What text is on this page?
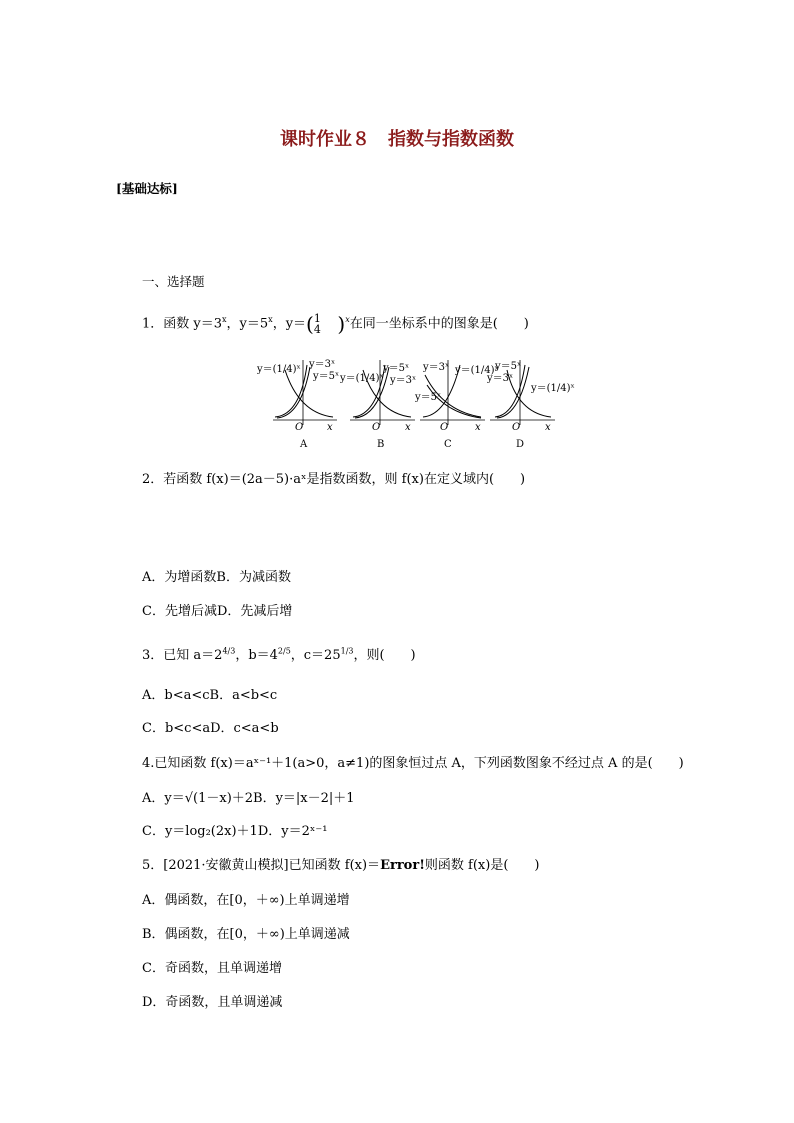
课时作业８　指数与指数函数
[基础达标]
一、选择题
1．函数 $y=3^x$，$y=5^x$，y＝( 1
4 )$^x$在同一坐标系中的图象是(　　)
y＝(1/4)ˣ y＝3ˣ
y＝5ˣ
O x
A
y＝(1/4)ˣ
y＝5ˣ
y＝3ˣ
O x
B
y＝3ˣ
y＝5ˣ
y＝(1/4)ˣ
O	x
C
y＝5ˣ
y＝3ˣ
y＝(1/4)ˣ
O x
D
2．若函数 f(x)＝(2a－5)·aˣ是指数函数，则 f(x)在定义域内(　　)
A．为增函数B．为减函数
C．先增后减D．先减后增
3．已知 $a=2^{4/3}$，$b=4^{2/5}$，$c=25^{1/3}$，则(　　)
A．b<a<cB．a<b<c
C．b<c<aD．c<a<b
4.已知函数 f(x)＝aˣ⁻¹＋1(a>0，a≠1)的图象恒过点 A，下列函数图象不经过点 A 的是(　　)
A．y＝√(1－x)＋2B．y＝|x－2|＋1
C．y＝log₂(2x)＋1D．y＝2ˣ⁻¹
5．[2021·安徽黄山模拟]已知函数 f(x)＝Error!则函数 f(x)是(　　)
A．偶函数，在[0，＋∞)上单调递增
B．偶函数，在[0，＋∞)上单调递减
C．奇函数，且单调递增
D．奇函数，且单调递减
